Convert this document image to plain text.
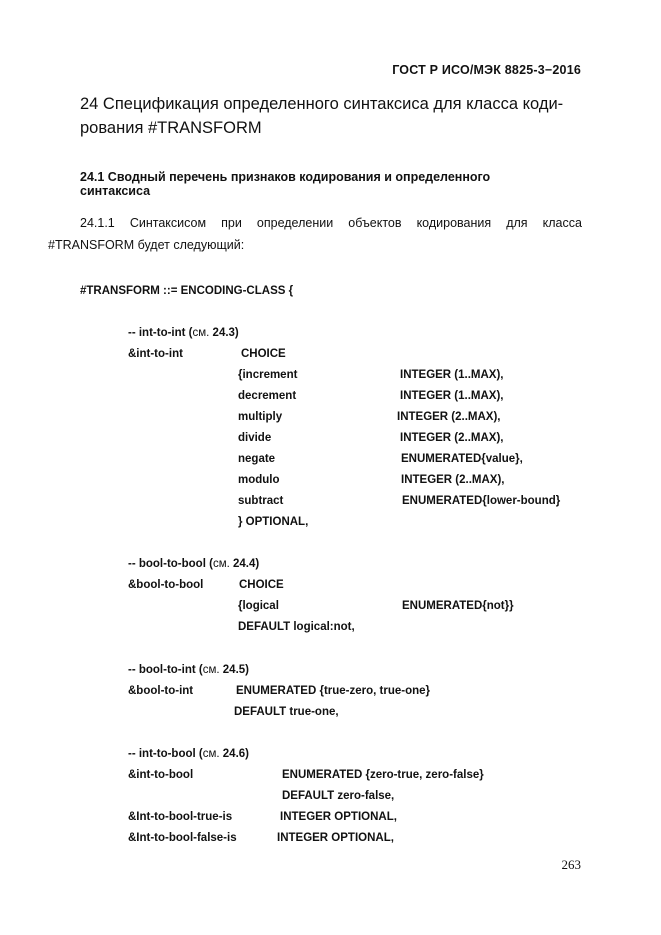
ГОСТ Р ИСО/МЭК 8825-3−2016
24 Спецификация определенного синтаксиса для класса коди-
рования #TRANSFORM
24.1 Сводный перечень признаков кодирования и определенного
синтаксиса
24.1.1 Синтаксисом при определении объектов кодирования для класса
#TRANSFORM будет следующий:
#TRANSFORM ::= ENCODING-CLASS {
-- int-to-int (см. 24.3)
&int-to-int	CHOICE
{increment	INTEGER (1..MAX),
decrement	INTEGER (1..MAX),
multiply	INTEGER (2..MAX),
divide	INTEGER (2..MAX),
negate	ENUMERATED{value},
modulo	INTEGER (2..MAX),
subtract	ENUMERATED{lower-bound}
} OPTIONAL,
-- bool-to-bool (см. 24.4)
&bool-to-bool	CHOICE
{logical	ENUMERATED{not}}
DEFAULT logical:not,
-- bool-to-int (см. 24.5)
&bool-to-int	ENUMERATED {true-zero, true-one}
DEFAULT true-one,
-- int-to-bool (см. 24.6)
&int-to-bool	ENUMERATED {zero-true, zero-false}
DEFAULT zero-false,
&Int-to-bool-true-is	INTEGER OPTIONAL,
&Int-to-bool-false-is	INTEGER OPTIONAL,
263
